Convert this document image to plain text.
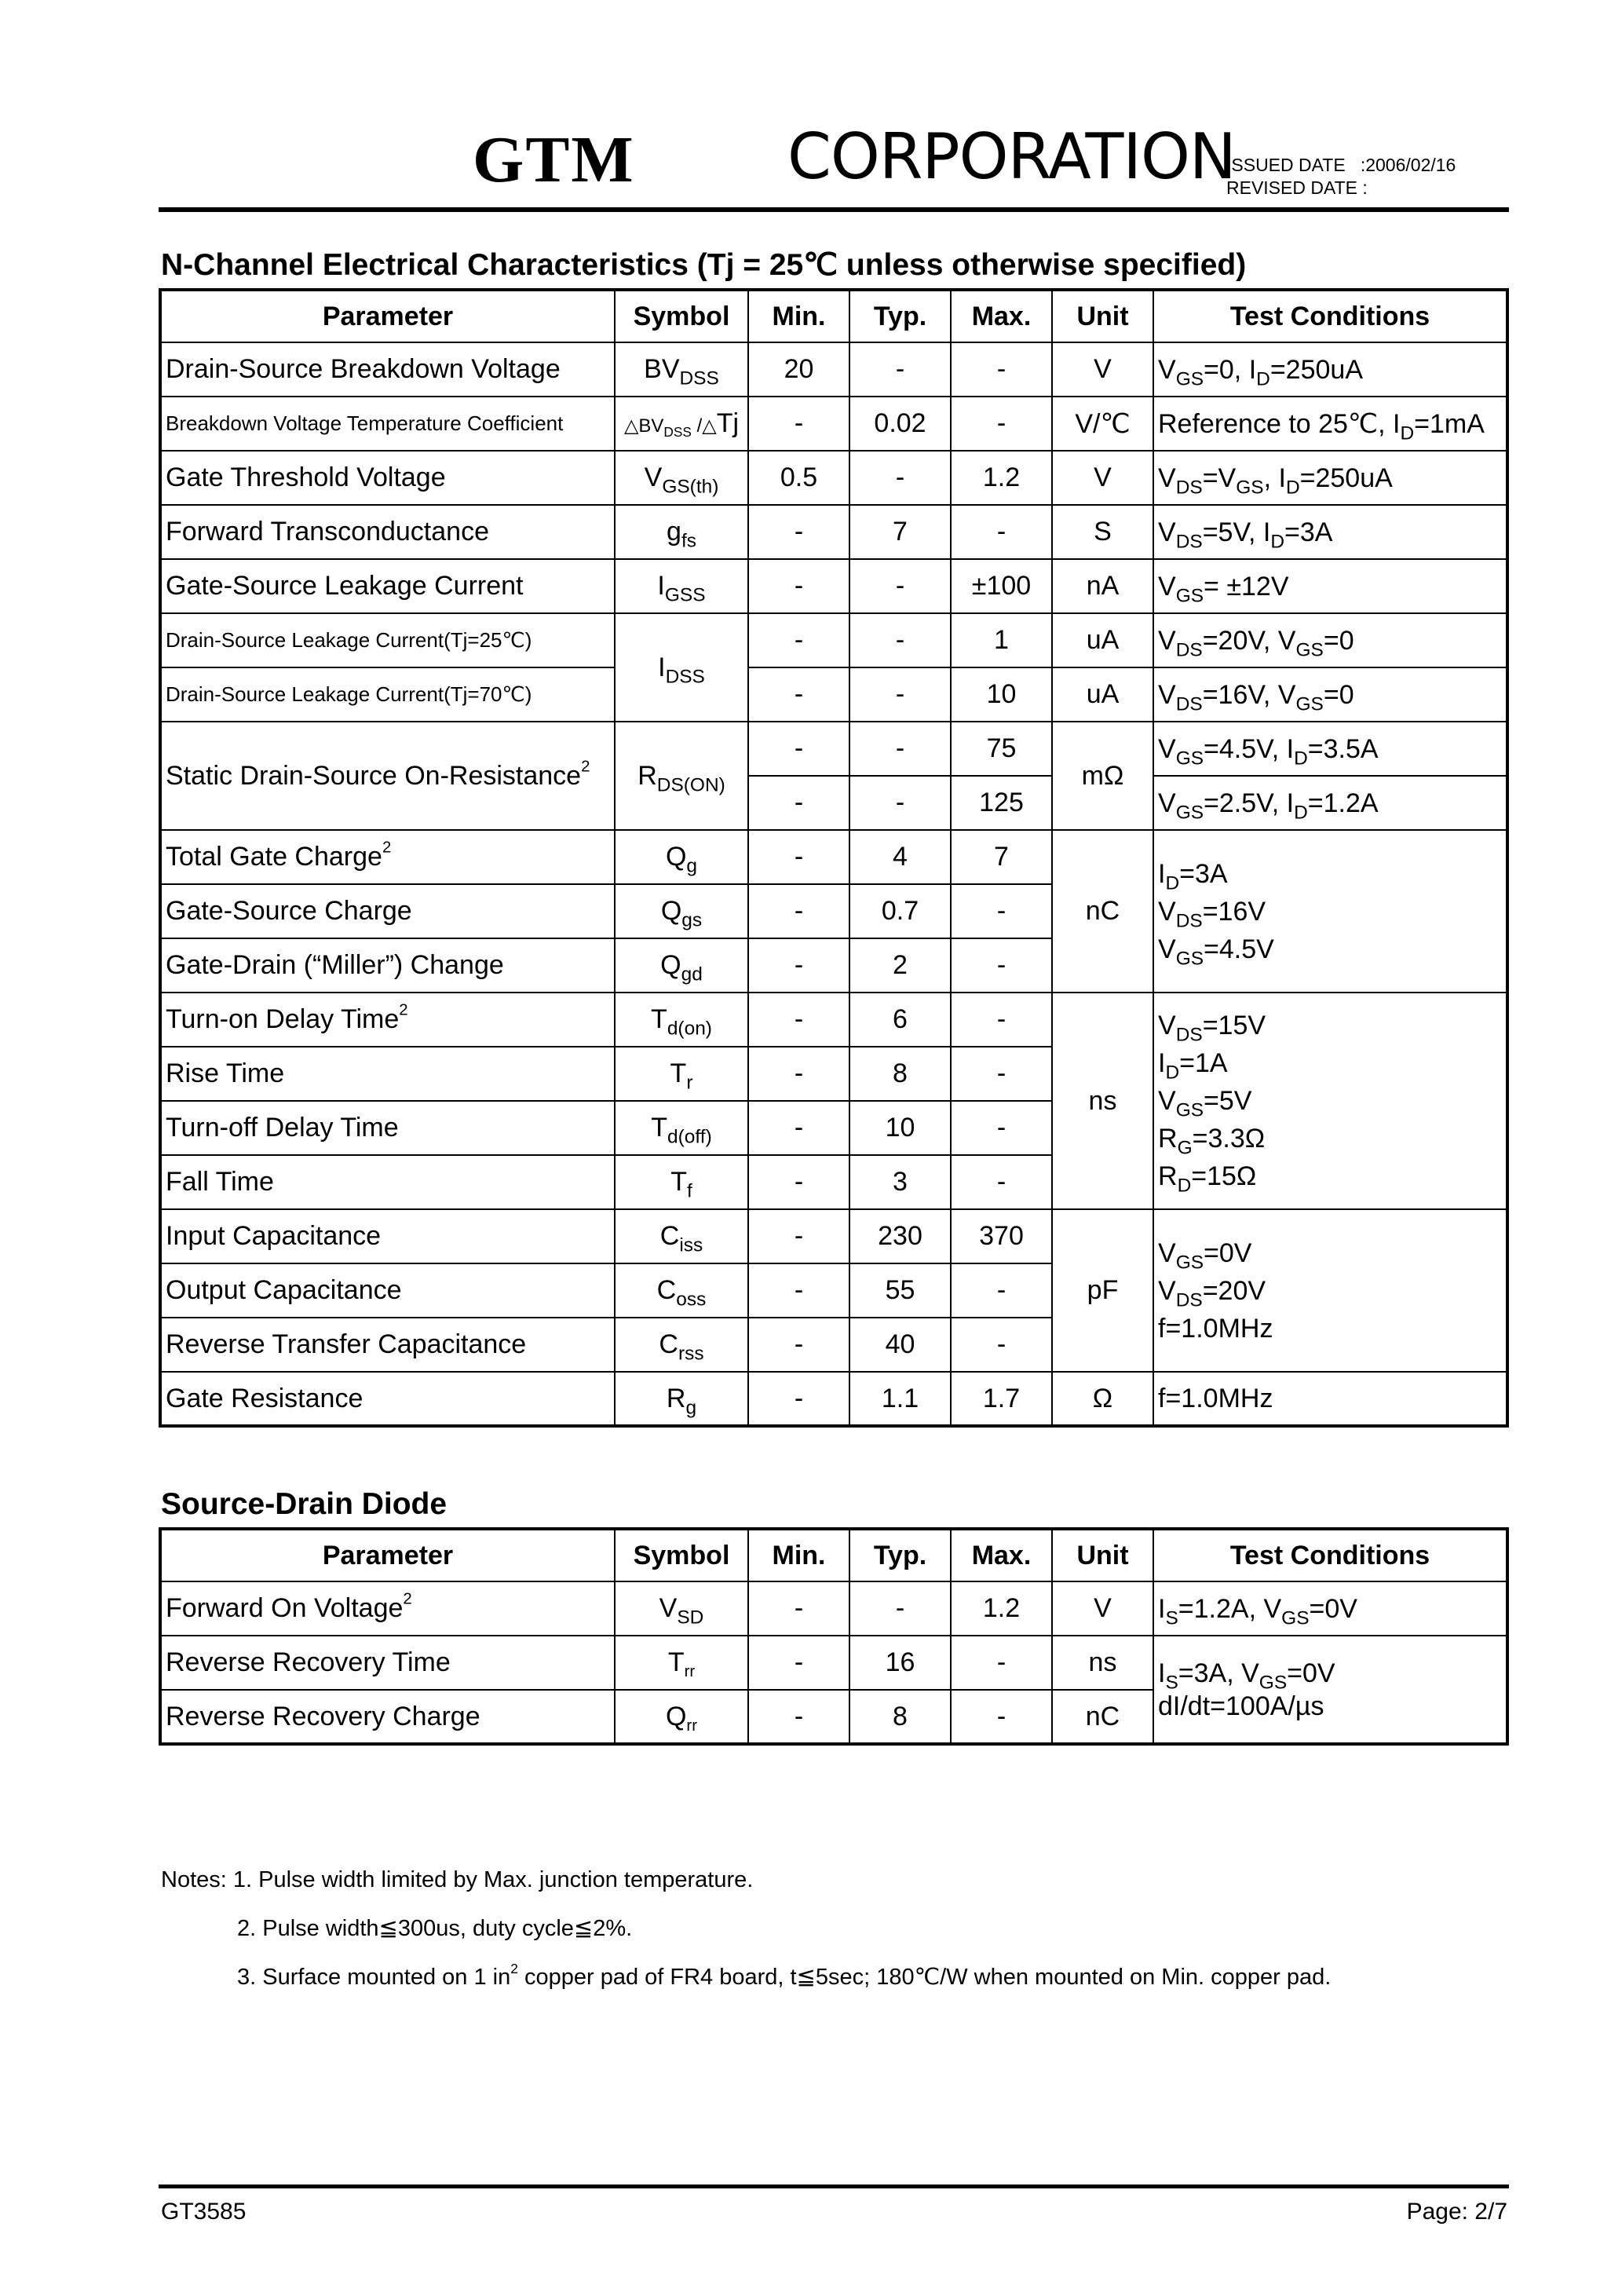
GTM CORPORATION
ISSUED DATE :2006/02/16
REVISED DATE :
N-Channel Electrical Characteristics (Tj = 25℃ unless otherwise specified)
Parameter	Symbol	Min.	Typ.	Max.	Unit	Test Conditions
Drain-Source Breakdown Voltage	$BV_{DSS}$	20	-	-	V	$V_{GS}=0$, $I_D=250uA$
Breakdown Voltage Temperature Coefficient	$\triangle BV_{DSS}$ /△Tj	-	0.02	-	V/℃	Reference to 25℃, $I_D=1mA$
Gate Threshold Voltage	$V_{GS(th)}$	0.5	-	1.2	V	$V_{DS}=V_{GS}$, $I_D=250uA$
Forward Transconductance	$g_{fs}$	-	7	-	S	$V_{DS}=5V$, $I_D=3A$
Gate-Source Leakage Current	$I_{GSS}$	-	-	±100	nA	$V_{GS}= \pm 12V$
Drain-Source Leakage Current(Tj=25℃)	$I_{DSS}$	-	-	1	uA	$V_{DS}=20V$, $V_{GS}=0$
Drain-Source Leakage Current(Tj=70℃)		-	-	10	uA	$V_{DS}=16V$, $V_{GS}=0$
Static Drain-Source On-Resistance$^2$	$R_{DS(ON)}$	-	-	75	mΩ	$V_{GS}=4.5V$, $I_D=3.5A$
		-	-	125		$V_{GS}=2.5V$, $I_D=1.2A$
Total Gate Charge$^2$	$Q_g$	-	4	7	nC	$I_D=3A$
$V_{DS}=16V$
$V_{GS}=4.5V$
Gate-Source Charge	$Q_{gs}$	-	0.7	-		
Gate-Drain (“Miller”) Change	$Q_{gd}$	-	2	-		
Turn-on Delay Time$^2$	$T_{d(on)}$	-	6	-	ns	$V_{DS}=15V$
$I_D=1A$
$V_{GS}=5V$
$R_G=3.3\Omega$
$R_D=15\Omega$
Rise Time	$T_r$	-	8	-		
Turn-off Delay Time	$T_{d(off)}$	-	10	-		
Fall Time	$T_f$	-	3	-		
Input Capacitance	$C_{iss}$	-	230	370	pF	$V_{GS}=0V$
$V_{DS}=20V$
f=1.0MHz
Output Capacitance	$C_{oss}$	-	55	-		
Reverse Transfer Capacitance	$C_{rss}$	-	40	-		
Gate Resistance	$R_g$	-	1.1	1.7	Ω	f=1.0MHz
Source-Drain Diode
Parameter	Symbol	Min.	Typ.	Max.	Unit	Test Conditions
Forward On Voltage$^2$	$V_{SD}$	-	-	1.2	V	$I_S=1.2A$, $V_{GS}=0V$
Reverse Recovery Time	$T_{rr}$	-	16	-	ns	$I_S=3A$, $V_{GS}=0V$
dI/dt=100A/µs
Reverse Recovery Charge	$Q_{rr}$	-	8	-	nC	
Notes: 1. Pulse width limited by Max. junction temperature.
2. Pulse width≦300us, duty cycle≦2%.
3. Surface mounted on 1 $in^2$ copper pad of FR4 board, t≦5sec; 180℃/W when mounted on Min. copper pad.
GT3585	Page: 2/7
